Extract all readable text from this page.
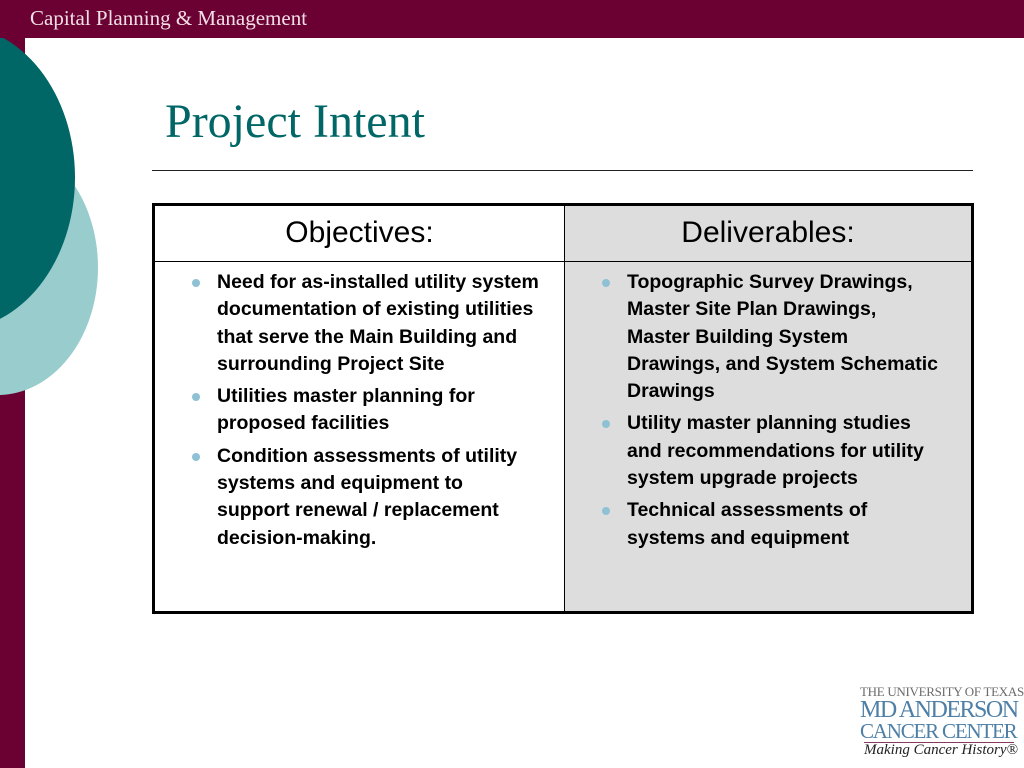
Capital Planning & Management
Project Intent
Objectives:	Deliverables:
Need for as-installed utility system documentation of existing utilities that serve the Main Building and surrounding Project Site
Utilities master planning for proposed facilities
Condition assessments of utility systems and equipment to support renewal / replacement decision-making.
Topographic Survey Drawings, Master Site Plan Drawings, Master Building System Drawings, and System Schematic Drawings
Utility master planning studies and recommendations for utility system upgrade projects
Technical assessments of systems and equipment
THE UNIVERSITY OF TEXAS
MD ANDERSON
CANCER CENTER
Making Cancer History®
